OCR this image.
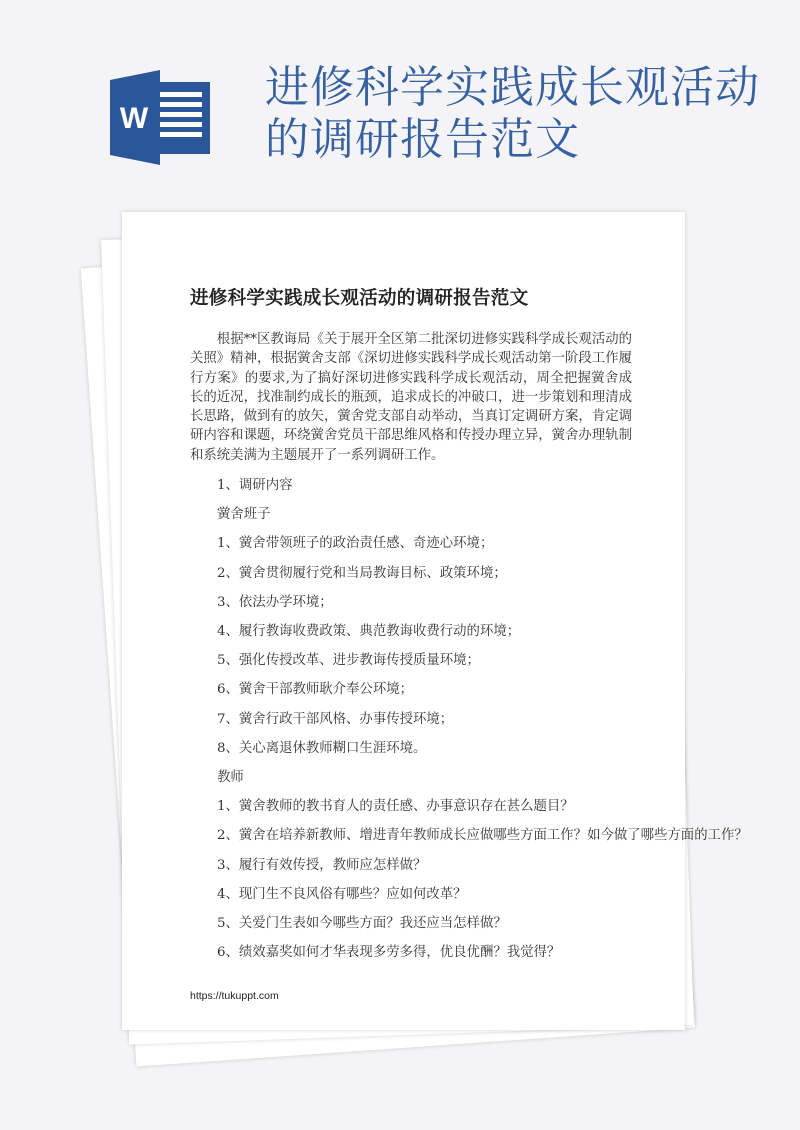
W
进修科学实践成长观活动的调研报告范文
进修科学实践成长观活动的调研报告范文

根据**区教诲局《关于展开全区第二批深切进修实践科学成长观活动的关照》精神，根据黉舍支部《深切进修实践科学成长观活动第一阶段工作履行方案》的要求,为了搞好深切进修实践科学成长观活动，周全把握黉舍成长的近况，找准制约成长的瓶颈，追求成长的冲破口，进一步策划和理清成长思路，做到有的放矢，黉舍党支部自动举动，当真订定调研方案，肯定调研内容和课题，环绕黉舍党员干部思维风格和传授办理立异，黉舍办理轨制和系统美满为主题展开了一系列调研工作。

1、调研内容

黉舍班子

1、黉舍带领班子的政治责任感、奇迹心环境；

2、黉舍贯彻履行党和当局教诲目标、政策环境；

3、依法办学环境；

4、履行教诲收费政策、典范教诲收费行动的环境；

5、强化传授改革、进步教诲传授质量环境；

6、黉舍干部教师耿介奉公环境；

7、黉舍行政干部风格、办事传授环境；

8、关心离退休教师糊口生涯环境。

教师

1、黉舍教师的教书育人的责任感、办事意识存在甚么题目？

2、黉舍在培养新教师、增进青年教师成长应做哪些方面工作？如今做了哪些方面的工作？

3、履行有效传授，教师应怎样做？

4、现门生不良风俗有哪些？应如何改革？

5、关爱门生表如今哪些方面？我还应当怎样做？

6、绩效嘉奖如何才华表现多劳多得，优良优酬？我觉得？

https://tukuppt.com
